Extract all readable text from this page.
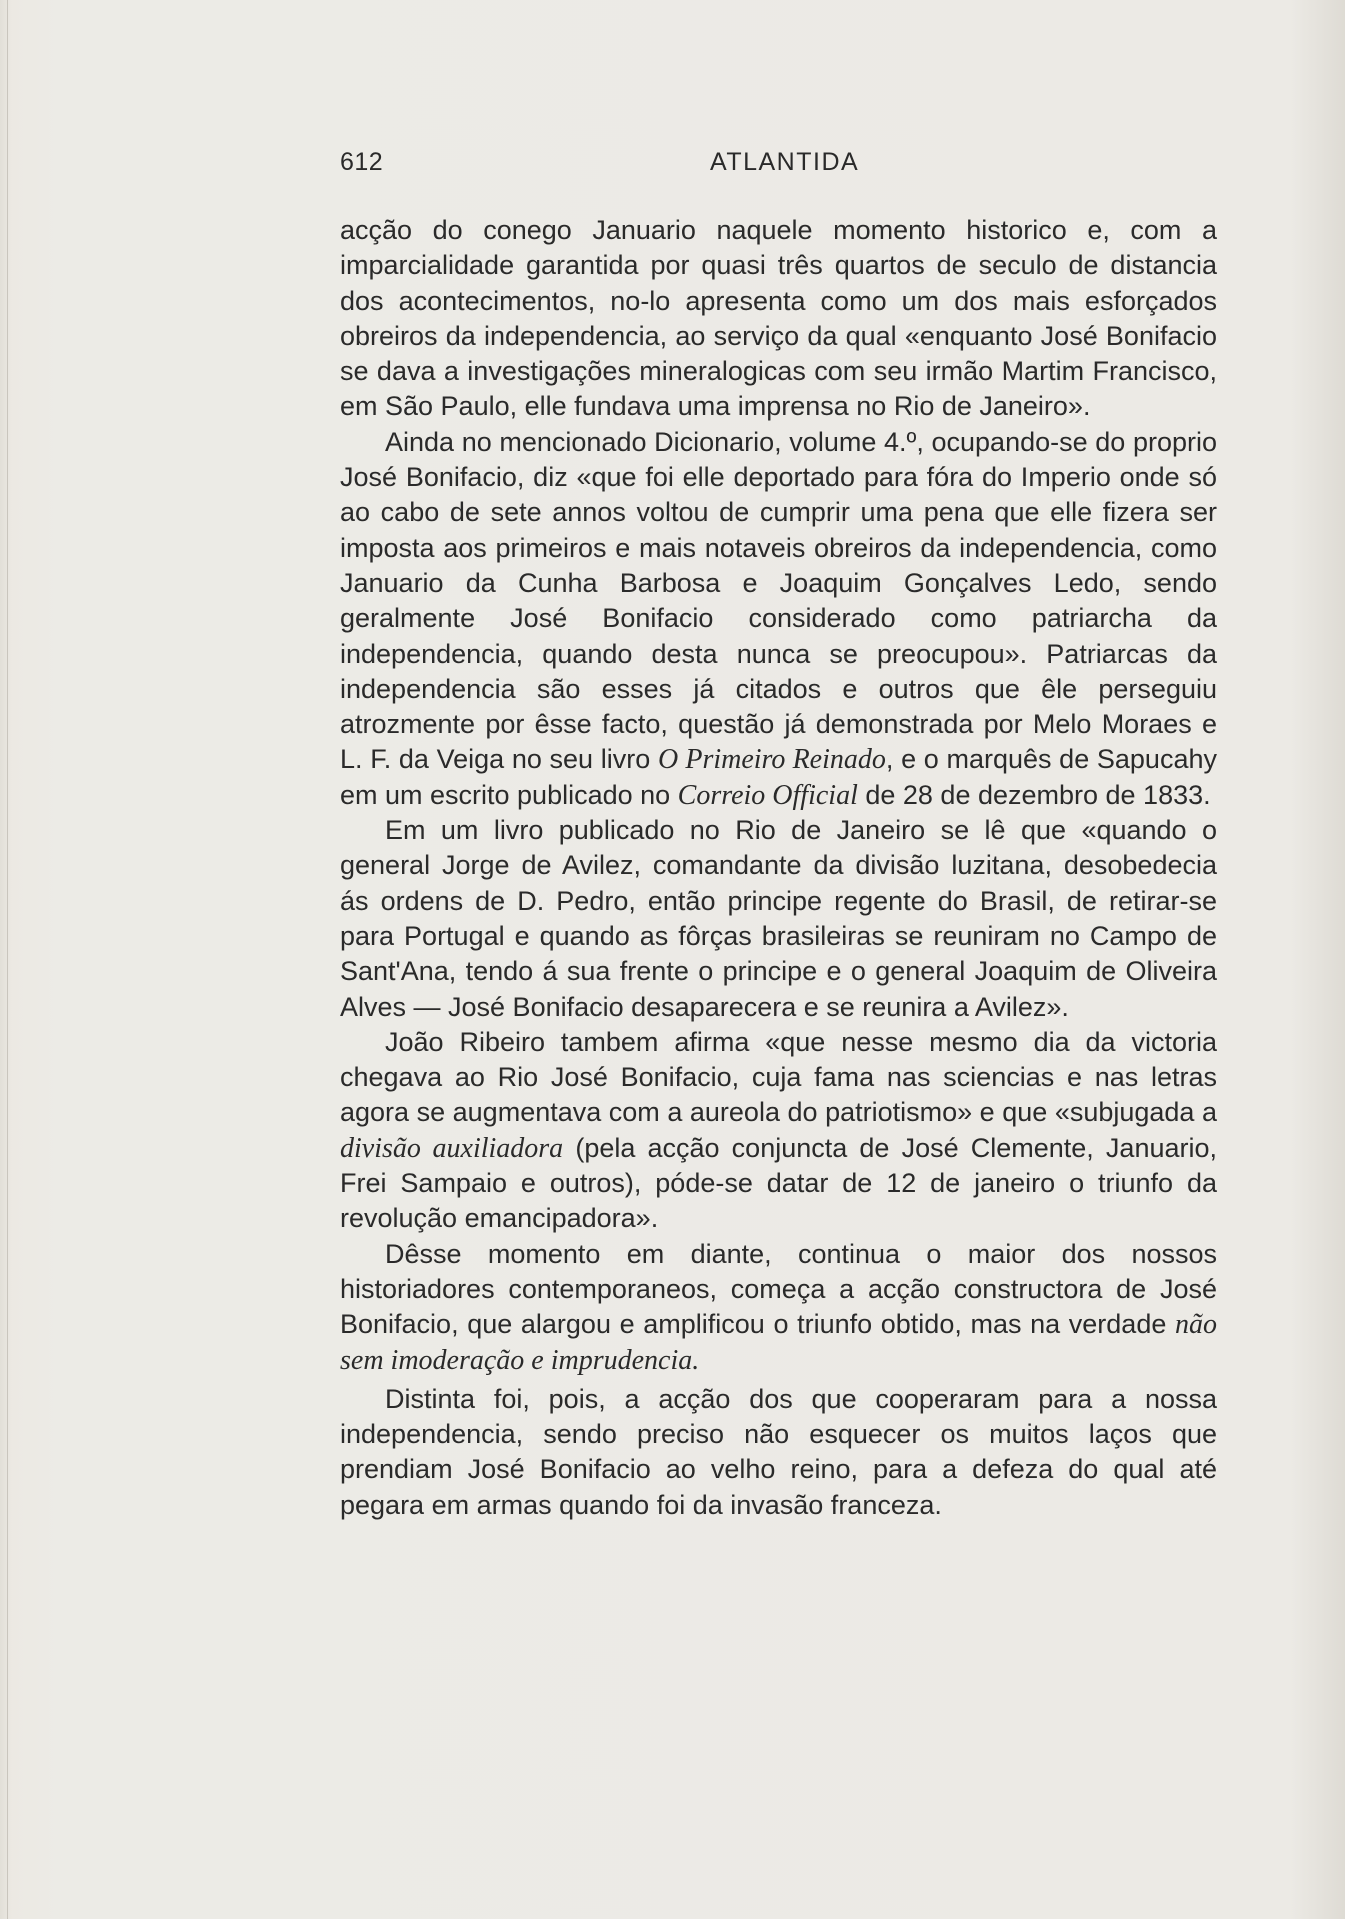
612	ATLANTIDA

acção do conego Januario naquele momento historico e, com a imparcialidade garantida por quasi três quartos de seculo de distancia dos acontecimentos, no-lo apresenta como um dos mais esforçados obreiros da independencia, ao serviço da qual «enquanto José Bonifacio se dava a investigações mineralogicas com seu irmão Martim Francisco, em São Paulo, elle fundava uma imprensa no Rio de Janeiro».

Ainda no mencionado Dicionario, volume 4.º, ocupando-se do proprio José Bonifacio, diz «que foi elle deportado para fóra do Imperio onde só ao cabo de sete annos voltou de cumprir uma pena que elle fizera ser imposta aos primeiros e mais notaveis obreiros da independencia, como Januario da Cunha Barbosa e Joaquim Gonçalves Ledo, sendo geralmente José Bonifacio considerado como patriarcha da independencia, quando desta nunca se preocupou». Patriarcas da independencia são esses já citados e outros que êle perseguiu atrozmente por êsse facto, questão já demonstrada por Melo Moraes e L. F. da Veiga no seu livro O Primeiro Reinado, e o marquês de Sapucahy em um escrito publicado no Correio Official de 28 de dezembro de 1833.

Em um livro publicado no Rio de Janeiro se lê que «quando o general Jorge de Avilez, comandante da divisão luzitana, desobedecia ás ordens de D. Pedro, então principe regente do Brasil, de retirar-se para Portugal e quando as fôrças brasileiras se reuniram no Campo de Sant'Ana, tendo á sua frente o principe e o general Joaquim de Oliveira Alves — José Bonifacio desaparecera e se reunira a Avilez».

João Ribeiro tambem afirma «que nesse mesmo dia da victoria chegava ao Rio José Bonifacio, cuja fama nas sciencias e nas letras agora se augmentava com a aureola do patriotismo» e que «subjugada a divisão auxiliadora (pela acção conjuncta de José Clemente, Januario, Frei Sampaio e outros), póde-se datar de 12 de janeiro o triunfo da revolução emancipadora».

Dêsse momento em diante, continua o maior dos nossos historiadores contemporaneos, começa a acção constructora de José Bonifacio, que alargou e amplificou o triunfo obtido, mas na verdade não sem imoderação e imprudencia.

Distinta foi, pois, a acção dos que cooperaram para a nossa independencia, sendo preciso não esquecer os muitos laços que prendiam José Bonifacio ao velho reino, para a defeza do qual até pegara em armas quando foi da invasão franceza.
